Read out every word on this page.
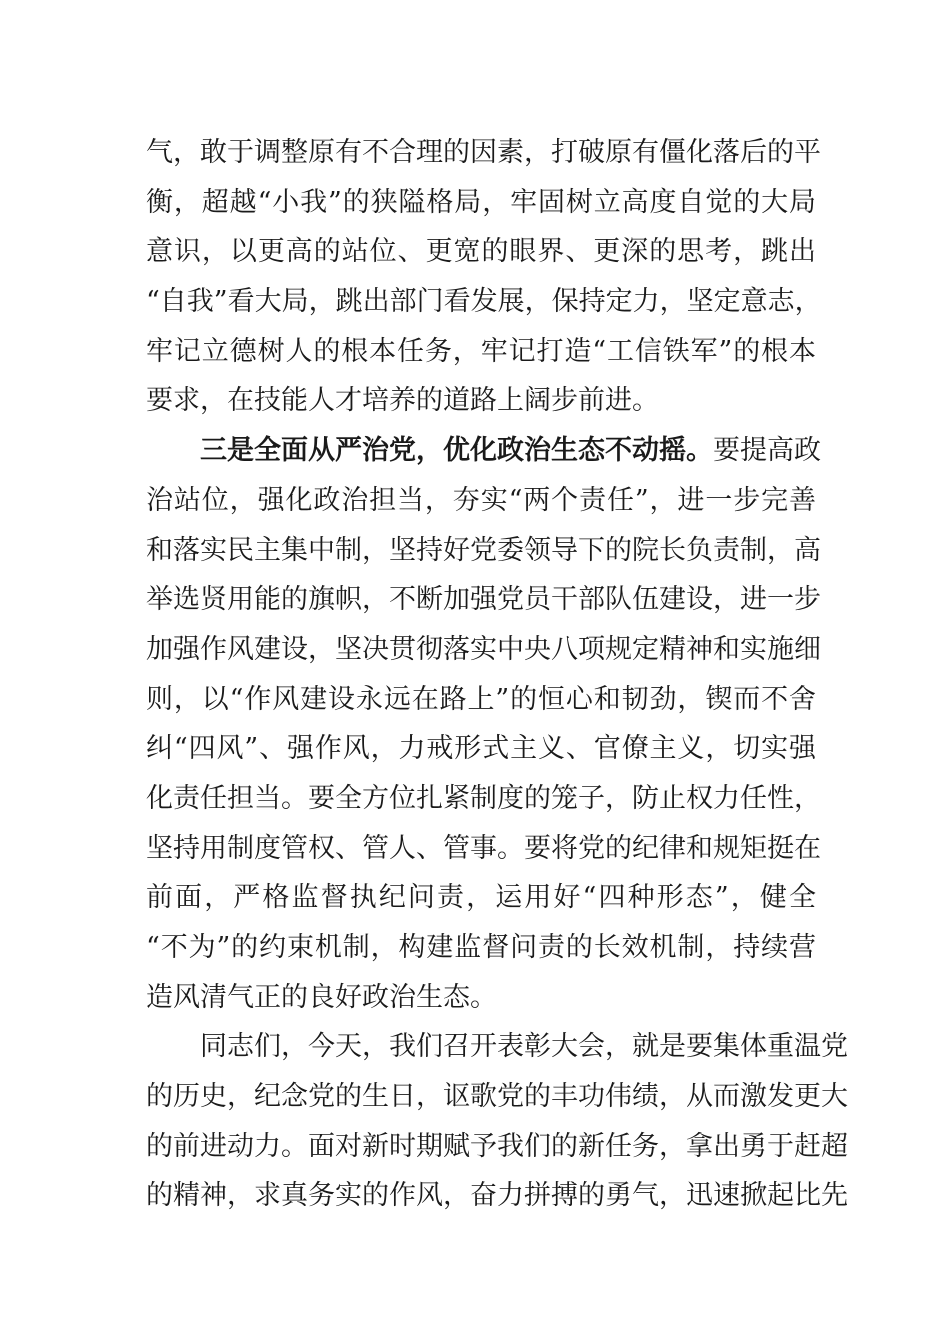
气，敢于调整原有不合理的因素，打破原有僵化落后的平
衡，超越“小我”的狭隘格局，牢固树立高度自觉的大局
意识，以更高的站位、更宽的眼界、更深的思考，跳出
“自我”看大局，跳出部门看发展，保持定力，坚定意志，
牢记立德树人的根本任务，牢记打造“工信铁军”的根本
要求，在技能人才培养的道路上阔步前进。
三是全面从严治党，优化政治生态不动摇。要提高政
治站位，强化政治担当，夯实“两个责任”，进一步完善
和落实民主集中制，坚持好党委领导下的院长负责制，高
举选贤用能的旗帜，不断加强党员干部队伍建设，进一步
加强作风建设，坚决贯彻落实中央八项规定精神和实施细
则，以“作风建设永远在路上”的恒心和韧劲，锲而不舍
纠“四风”、强作风，力戒形式主义、官僚主义，切实强
化责任担当。要全方位扎紧制度的笼子，防止权力任性，
坚持用制度管权、管人、管事。要将党的纪律和规矩挺在
前面，严格监督执纪问责，运用好“四种形态”，健全
“不为”的约束机制，构建监督问责的长效机制，持续营
造风清气正的良好政治生态。
同志们，今天，我们召开表彰大会，就是要集体重温党
的历史，纪念党的生日，讴歌党的丰功伟绩，从而激发更大
的前进动力。面对新时期赋予我们的新任务，拿出勇于赶超
的精神，求真务实的作风，奋力拼搏的勇气，迅速掀起比先
